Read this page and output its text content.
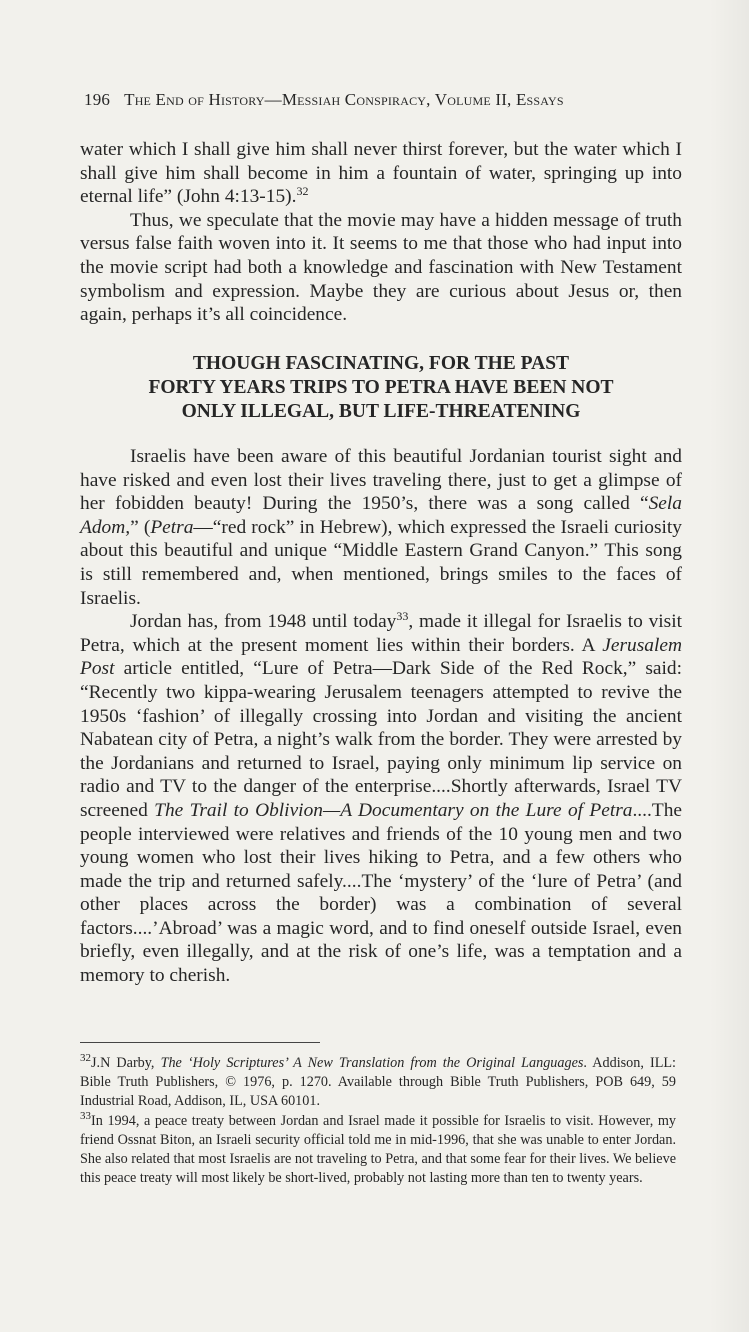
196 The End of History—Messiah Conspiracy, Volume II, Essays

water which I shall give him shall never thirst forever, but the water which I shall give him shall become in him a fountain of water, springing up into eternal life” (John 4:13-15).$^{32}$

Thus, we speculate that the movie may have a hidden message of truth versus false faith woven into it. It seems to me that those who had input into the movie script had both a knowledge and fascination with New Testament symbolism and expression. Maybe they are curious about Jesus or, then again, perhaps it’s all coincidence.

THOUGH FASCINATING, FOR THE PAST
FORTY YEARS TRIPS TO PETRA HAVE BEEN NOT
ONLY ILLEGAL, BUT LIFE-THREATENING

Israelis have been aware of this beautiful Jordanian tourist sight and have risked and even lost their lives traveling there, just to get a glimpse of her fobidden beauty! During the 1950’s, there was a song called “Sela Adom,” (Petra—“red rock” in Hebrew), which expressed the Israeli curiosity about this beautiful and unique “Middle Eastern Grand Canyon.” This song is still remembered and, when mentioned, brings smiles to the faces of Israelis.

Jordan has, from 1948 until today$^{33}$, made it illegal for Israelis to visit Petra, which at the present moment lies within their borders. A Jerusalem Post article entitled, “Lure of Petra—Dark Side of the Red Rock,” said: “Recently two kippa-wearing Jerusalem teenagers attempted to revive the 1950s ‘fashion’ of illegally crossing into Jordan and visiting the ancient Nabatean city of Petra, a night’s walk from the border. They were arrested by the Jordanians and returned to Israel, paying only minimum lip service on radio and TV to the danger of the enterprise....Shortly afterwards, Israel TV screened The Trail to Oblivion—A Documentary on the Lure of Petra....The people interviewed were relatives and friends of the 10 young men and two young women who lost their lives hiking to Petra, and a few others who made the trip and returned safely....The ‘mystery’ of the ‘lure of Petra’ (and other places across the border) was a combination of several factors....’Abroad’ was a magic word, and to find oneself outside Israel, even briefly, even illegally, and at the risk of one’s life, was a temptation and a memory to cherish.

$^{32}$J.N Darby, The ‘Holy Scriptures’ A New Translation from the Original Languages. Addison, ILL: Bible Truth Publishers, © 1976, p. 1270. Available through Bible Truth Publishers, POB 649, 59 Industrial Road, Addison, IL, USA 60101.

$^{33}$In 1994, a peace treaty between Jordan and Israel made it possible for Israelis to visit. However, my friend Ossnat Biton, an Israeli security official told me in mid-1996, that she was unable to enter Jordan. She also related that most Israelis are not traveling to Petra, and that some fear for their lives. We believe this peace treaty will most likely be short-lived, probably not lasting more than ten to twenty years.
